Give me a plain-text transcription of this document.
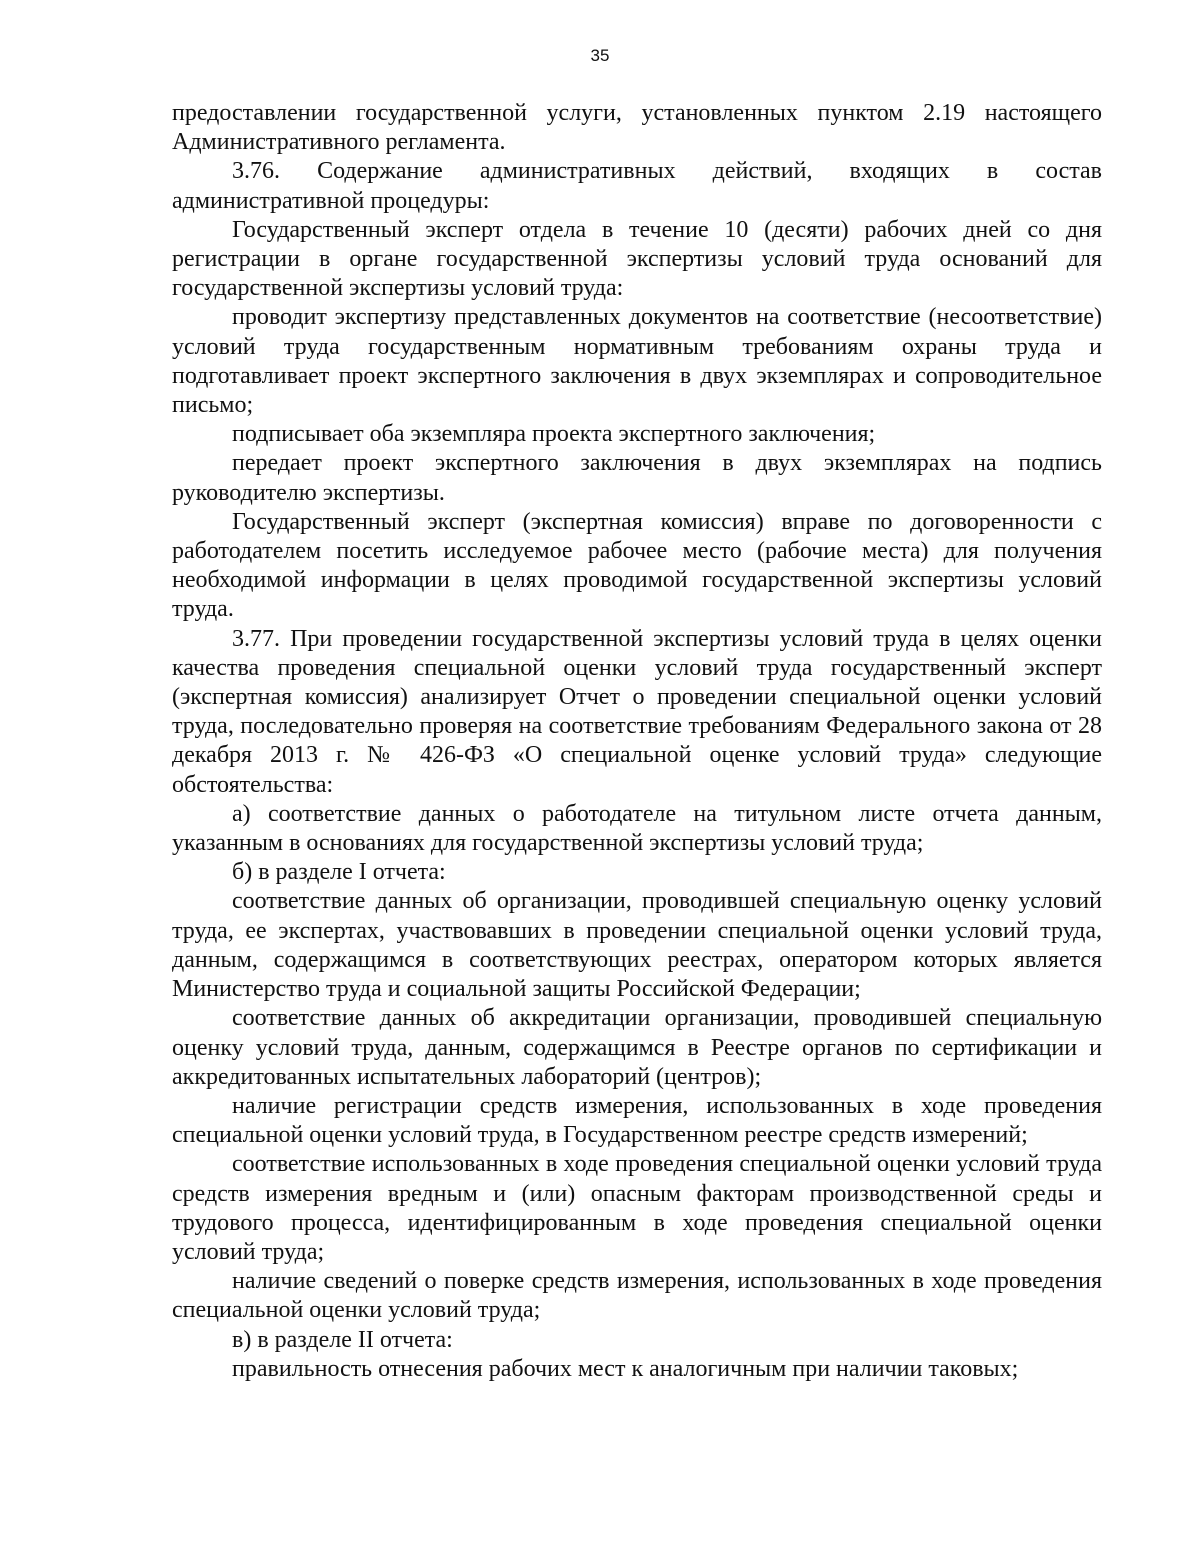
35

предоставлении государственной услуги, установленных пунктом 2.19 настоящего Административного регламента.

3.76. Содержание административных действий, входящих в состав административной процедуры:

Государственный эксперт отдела в течение 10 (десяти) рабочих дней со дня регистрации в органе государственной экспертизы условий труда оснований для государственной экспертизы условий труда:

проводит экспертизу представленных документов на соответствие (несоответствие) условий труда государственным нормативным требованиям охраны труда и подготавливает проект экспертного заключения в двух экземплярах и сопроводительное письмо;

подписывает оба экземпляра проекта экспертного заключения;

передает проект экспертного заключения в двух экземплярах на подпись руководителю экспертизы.

Государственный эксперт (экспертная комиссия) вправе по договоренности с работодателем посетить исследуемое рабочее место (рабочие места) для получения необходимой информации в целях проводимой государственной экспертизы условий труда.

3.77. При проведении государственной экспертизы условий труда в целях оценки качества проведения специальной оценки условий труда государственный эксперт (экспертная комиссия) анализирует Отчет о проведении специальной оценки условий труда, последовательно проверяя на соответствие требованиям Федерального закона от 28 декабря 2013 г. № 426-ФЗ «О специальной оценке условий труда» следующие обстоятельства:

а) соответствие данных о работодателе на титульном листе отчета данным, указанным в основаниях для государственной экспертизы условий труда;

б) в разделе I отчета:

соответствие данных об организации, проводившей специальную оценку условий труда, ее экспертах, участвовавших в проведении специальной оценки условий труда, данным, содержащимся в соответствующих реестрах, оператором которых является Министерство труда и социальной защиты Российской Федерации;

соответствие данных об аккредитации организации, проводившей специальную оценку условий труда, данным, содержащимся в Реестре органов по сертификации и аккредитованных испытательных лабораторий (центров);

наличие регистрации средств измерения, использованных в ходе проведения специальной оценки условий труда, в Государственном реестре средств измерений;

соответствие использованных в ходе проведения специальной оценки условий труда средств измерения вредным и (или) опасным факторам производственной среды и трудового процесса, идентифицированным в ходе проведения специальной оценки условий труда;

наличие сведений о поверке средств измерения, использованных в ходе проведения специальной оценки условий труда;

в) в разделе II отчета:

правильность отнесения рабочих мест к аналогичным при наличии таковых;
